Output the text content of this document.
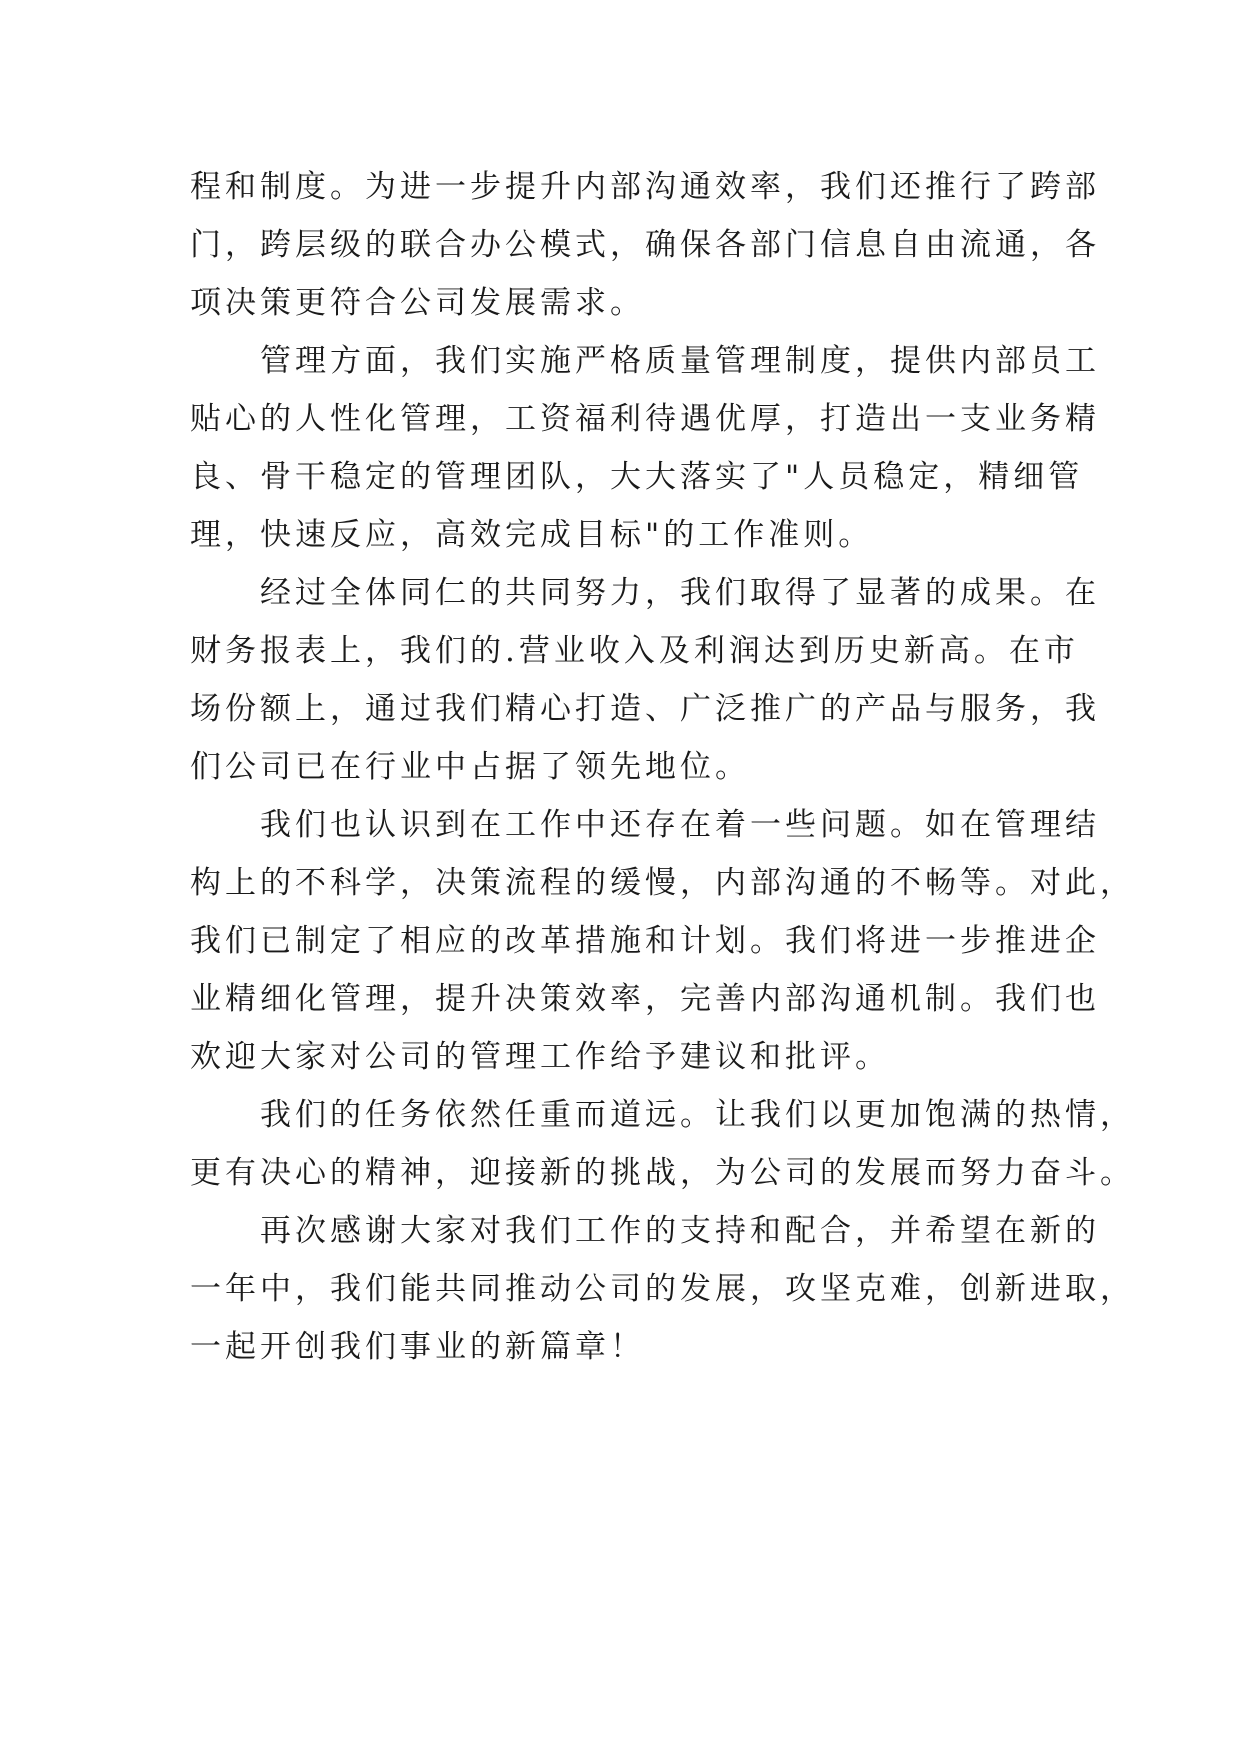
程和制度。为进一步提升内部沟通效率，我们还推行了跨部
门，跨层级的联合办公模式，确保各部门信息自由流通，各
项决策更符合公司发展需求。
　　管理方面，我们实施严格质量管理制度，提供内部员工
贴心的人性化管理，工资福利待遇优厚，打造出一支业务精
良、骨干稳定的管理团队，大大落实了"人员稳定，精细管
理，快速反应，高效完成目标"的工作准则。
　　经过全体同仁的共同努力，我们取得了显著的成果。在
财务报表上，我们的.营业收入及利润达到历史新高。在市
场份额上，通过我们精心打造、广泛推广的产品与服务，我
们公司已在行业中占据了领先地位。
　　我们也认识到在工作中还存在着一些问题。如在管理结
构上的不科学，决策流程的缓慢，内部沟通的不畅等。对此，
我们已制定了相应的改革措施和计划。我们将进一步推进企
业精细化管理，提升决策效率，完善内部沟通机制。我们也
欢迎大家对公司的管理工作给予建议和批评。
　　我们的任务依然任重而道远。让我们以更加饱满的热情，
更有决心的精神，迎接新的挑战，为公司的发展而努力奋斗。
　　再次感谢大家对我们工作的支持和配合，并希望在新的
一年中，我们能共同推动公司的发展，攻坚克难，创新进取，
一起开创我们事业的新篇章！
